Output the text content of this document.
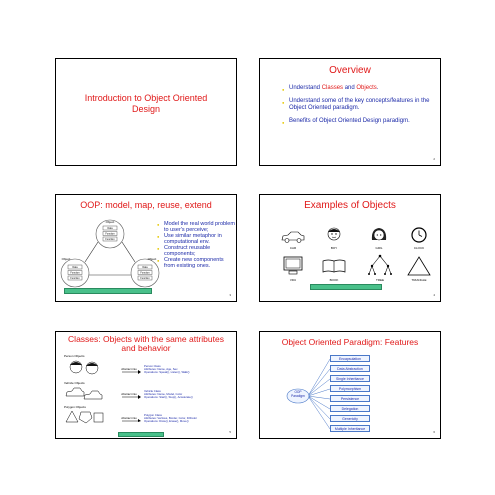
Introduction to Object Oriented Design
Overview
● Understand Classes and Objects.
● Understand some of the key concepts/features in the Object Oriented paradigm.
● Benefits of Object Oriented Design paradigm.
2
OOP: model, map, reuse, extend
Object
Object	Object
Data
Function
Function
Data
Function
Function
Data
Function
Function
● Model the real world problem to user's perceive;
● Use similar metaphor in computational env.
● Construct reusable components;
● Create new components from existing ones.
3
Examples of Objects
CAR	BOY	GIRL	CLOCK
VDU	BOOK	TREE	TRIANGLE
4
Classes: Objects with the same attributes and behavior
Person Objects
Vehicle Objects
Polygon Objects
Abstract into
Abstract into
Abstract into
Person Class
Attributes: Name, Age, Sex
Operations: Speak(), Listen(), Walk()
Vehicle Class
Attributes: Name, Model, Color
Operations: Start(), Stop(), Accelerate()
Polygon Class
Attributes: Vertices, Border, Color, FillColor
Operations: Draw(), Erase(), Move()
5
Object Oriented Paradigm: Features
OOP Paradigm
Encapsulation
Data Abstraction
Single Inheritance
Polymorphism
Persistence
Delegation
Genericity
Multiple Inheritance
6
